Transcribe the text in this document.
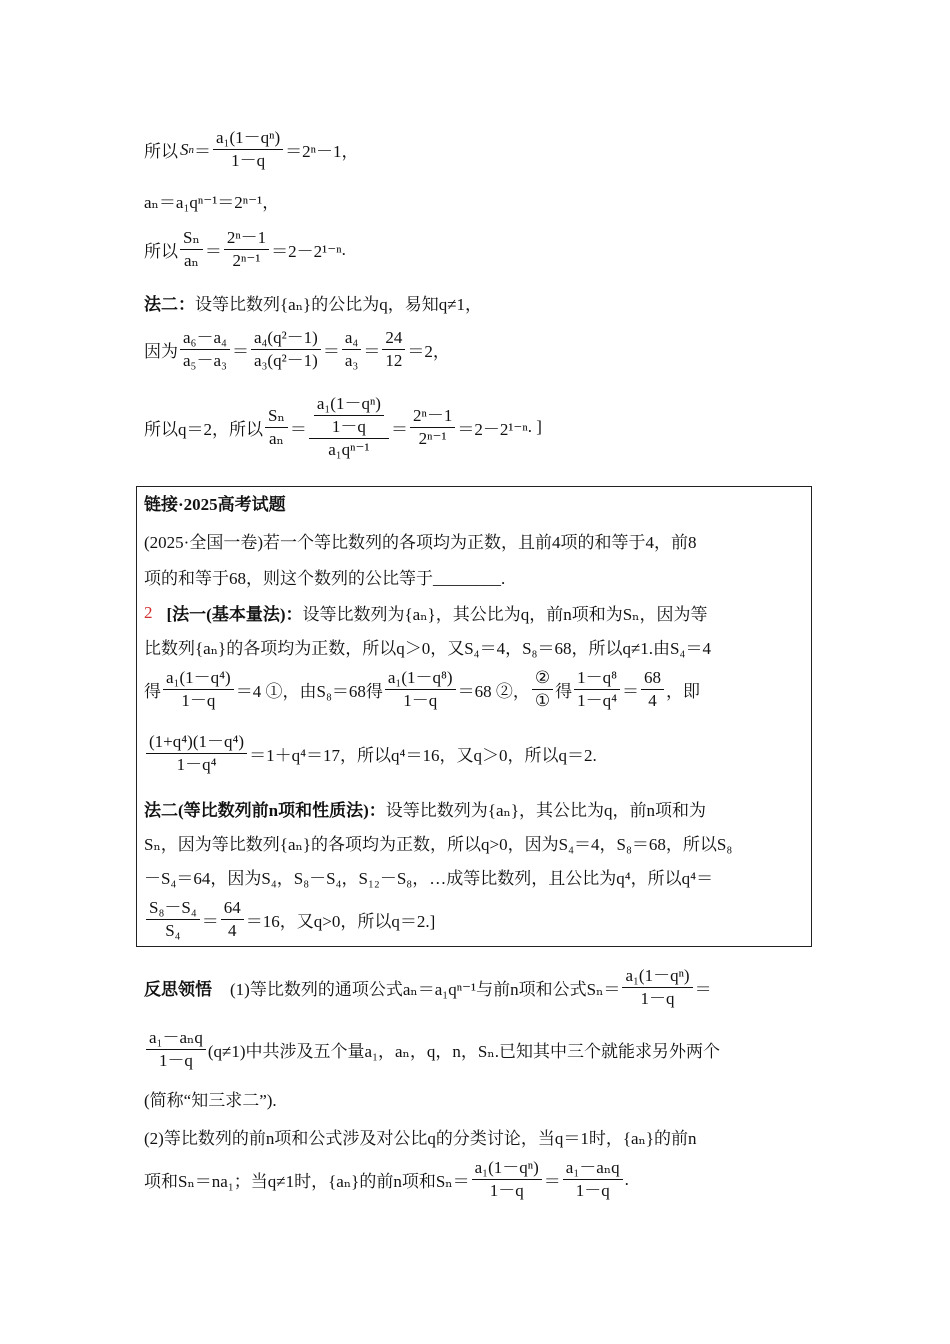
所以 S $n = \frac{\text{a₁(1－qⁿ)}}{1-q} =2^n-1$ ，
aₙ＝a₁qⁿ⁻¹＝2ⁿ⁻¹ ，
所以 $\frac{\text{Sₙ}}{\text{aₙ}} = \frac{\text{2ⁿ－1}}{\text{2ⁿ⁻¹}} =2-2^{1-n}$ .
法二： 设等比数列{aₙ}的公比为q，易知q≠1，
因为 $\frac{\text{a₆－a₄}}{\text{a₅－a₃}} = \frac{\text{a₄(q²－1)}}{\text{a₃(q²－1)}} = \frac{\text{a₄}}{\text{a₃}} = \frac{24}{12} =2$ ，
所以q＝2，所以 $\frac{\text{Sₙ}}{\text{aₙ}} = \frac{\frac{\text{a₁(1－qⁿ)}}{1-q}}{\text{a₁qⁿ⁻¹}} = \frac{\text{2ⁿ－1}}{\text{2ⁿ⁻¹}} =2-2^{1-n}$ . ]
链接·2025高考试题
(2025·全国一卷)若一个等比数列的各项均为正数，且前4项的和等于4，前8
项的和等于68，则这个数列的公比等于________.
2 [法一(基本量法)： 设等比数列为{aₙ}，其公比为q，前n项和为Sₙ，因为等
比数列{aₙ}的各项均为正数，所以q＞0，又S₄＝4，S₈＝68，所以q≠1.由S₄＝4
得 $\frac{\text{a₁(1－q⁴)}}{1-q} =4$ ①，由S₈＝68得 $\frac{\text{a₁(1－q⁸)}}{1-q} =68$ ②， $\frac{\text{②}}{\text{①}}$ 得 $\frac{\text{1－q⁸}}{\text{1－q⁴}} = \frac{68}{4}$ ，即
$\frac{\text{(1+q⁴)(1－q⁴)}}{\text{1－q⁴}} =1+q^4=17$，所以q⁴＝16，又q＞0，所以q＝2.
法二(等比数列前n项和性质法)： 设等比数列为{aₙ}，其公比为q，前n项和为
Sₙ，因为等比数列{aₙ}的各项均为正数，所以q>0，因为S₄＝4，S₈＝68，所以S₈
－S₄＝64，因为S₄，S₈－S₄，S₁₂－S₈，…成等比数列，且公比为q⁴，所以q⁴＝
$\frac{\text{S₈－S₄}}{\text{S₄}} = \frac{64}{4} =16$，又q>0，所以q＝2.]
反思领悟 (1)等比数列的通项公式aₙ＝a₁qⁿ⁻¹与前n项和公式$S_n= \frac{\text{a₁(1－qⁿ)}}{1-q}$ ＝
$\frac{\text{a₁－aₙq}}{1-q} (q\ne 1)$中共涉及五个量a₁，aₙ，q，n，Sₙ.已知其中三个就能求另外两个
(简称“知三求二”).
(2)等比数列的前n项和公式涉及对公比q的分类讨论，当q＝1时，{aₙ}的前n
项和Sₙ＝na₁；当q≠1时，{aₙ}的前n项和$S_n= \frac{\text{a₁(1－qⁿ)}}{1-q} = \frac{\text{a₁－aₙq}}{1-q}$ .
